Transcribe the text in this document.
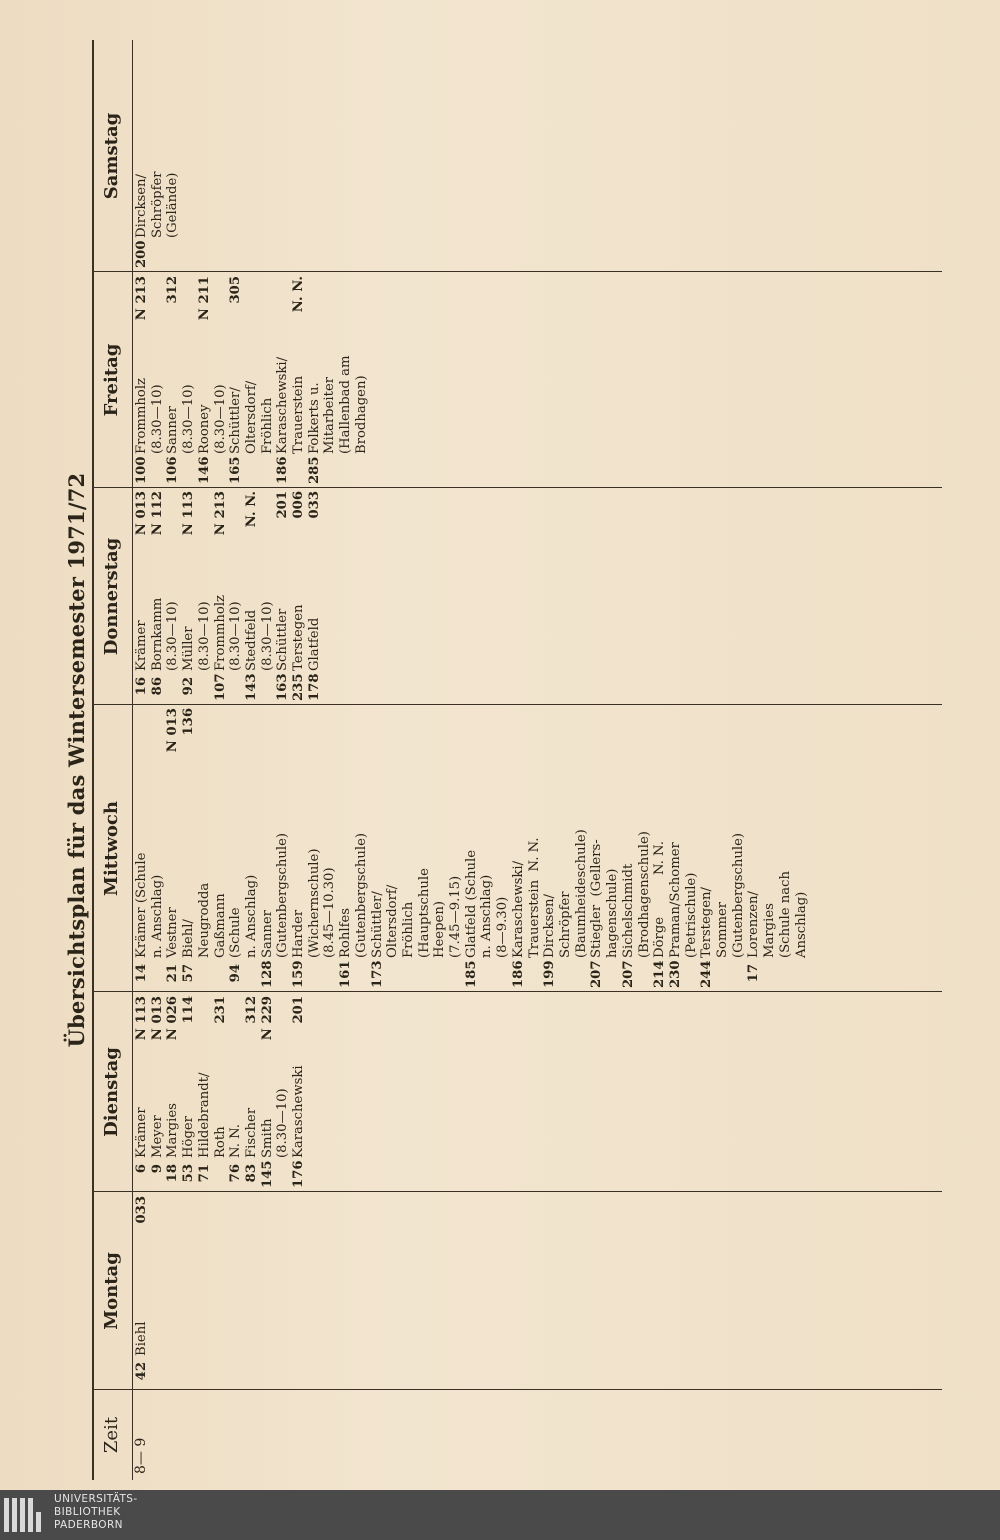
Übersichtsplan für das Wintersemester 1971/72
Zeit
Montag
Dienstag
Mittwoch
Donnerstag
Freitag
Samstag
8— 9
42
Biehl
033
6
Krämer
N 113
9
Meyer
N 013
18
Margies
N 026
53
Höger
114
71
Hildebrandt/ Roth
231
76
N. N.
83
Fischer
312
145
Smith
N 229
(8.30—10)
176
Karaschewski
201
14
Krämer (Schule n. Anschlag)
21
Vestner
N 013
57
Biehl/
136
Neugrodda Gaßmann
94
(Schule n. Anschlag)
128
Sanner (Gutenbergschule)
159
Harder (Wichernschule) (8.45—10.30)
161
Rohlfes (Gutenbergschule)
173
Schüttler/ Oltersdorf/ Fröhlich (Hauptschule Heepen) (7.45—9.15)
185
Glatfeld (Schule n. Anschlag) (8—9.30)
186
Karaschewski/ Trauerstein  N. N.
199
Dircksen/ Schröpfer (Baumheideschule)
207
Stiegler  (Gellers- hagenschule)
207
Sichelschmidt (Brodhagenschule)
214
Dörge          N. N.
230
Praman/Schomer (Petrischule)
244
Terstegen/ Sommer (Gutenbergschule)
17
Lorenzen/ Margies (Schule nach Anschlag)
16
Krämer
N 013
86
Bornkamm
N 112
(8.30—10)
92
Müller
N 113
(8.30—10)
107
Frommholz
N 213
(8.30—10)
143
Stedtfeld
N. N.
(8.30—10)
163
Schüttler
201
235
Terstegen
006
178
Glatfeld
033
100
Frommholz
N 213
(8.30—10)
106
Sanner
312
(8.30—10)
146
Rooney
N 211
(8.30—10)
165
Schüttler/
305
Oltersdorf/ Fröhlich
186
Karaschewski/ Trauerstein
N. N.
285
Folkerts u. Mitarbeiter (Hallenbad am Brodhagen)
200
Dircksen/ Schröpfer (Gelände)
UNIVERSITÄTS-
BIBLIOTHEK
PADERBORN
